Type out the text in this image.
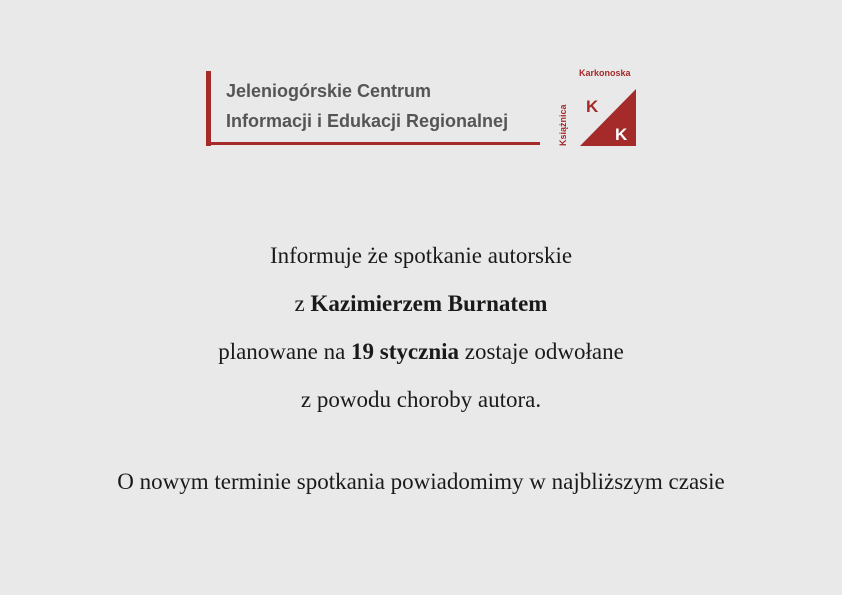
Jeleniogórskie Centrum
Informacji i Edukacji Regionalnej
K
K
Karkonoska
Książnica

Informuje że spotkanie autorskie

z Kazimierzem Burnatem

planowane na 19 stycznia zostaje odwołane

z powodu choroby autora.

O nowym terminie spotkania powiadomimy w najbliższym czasie
